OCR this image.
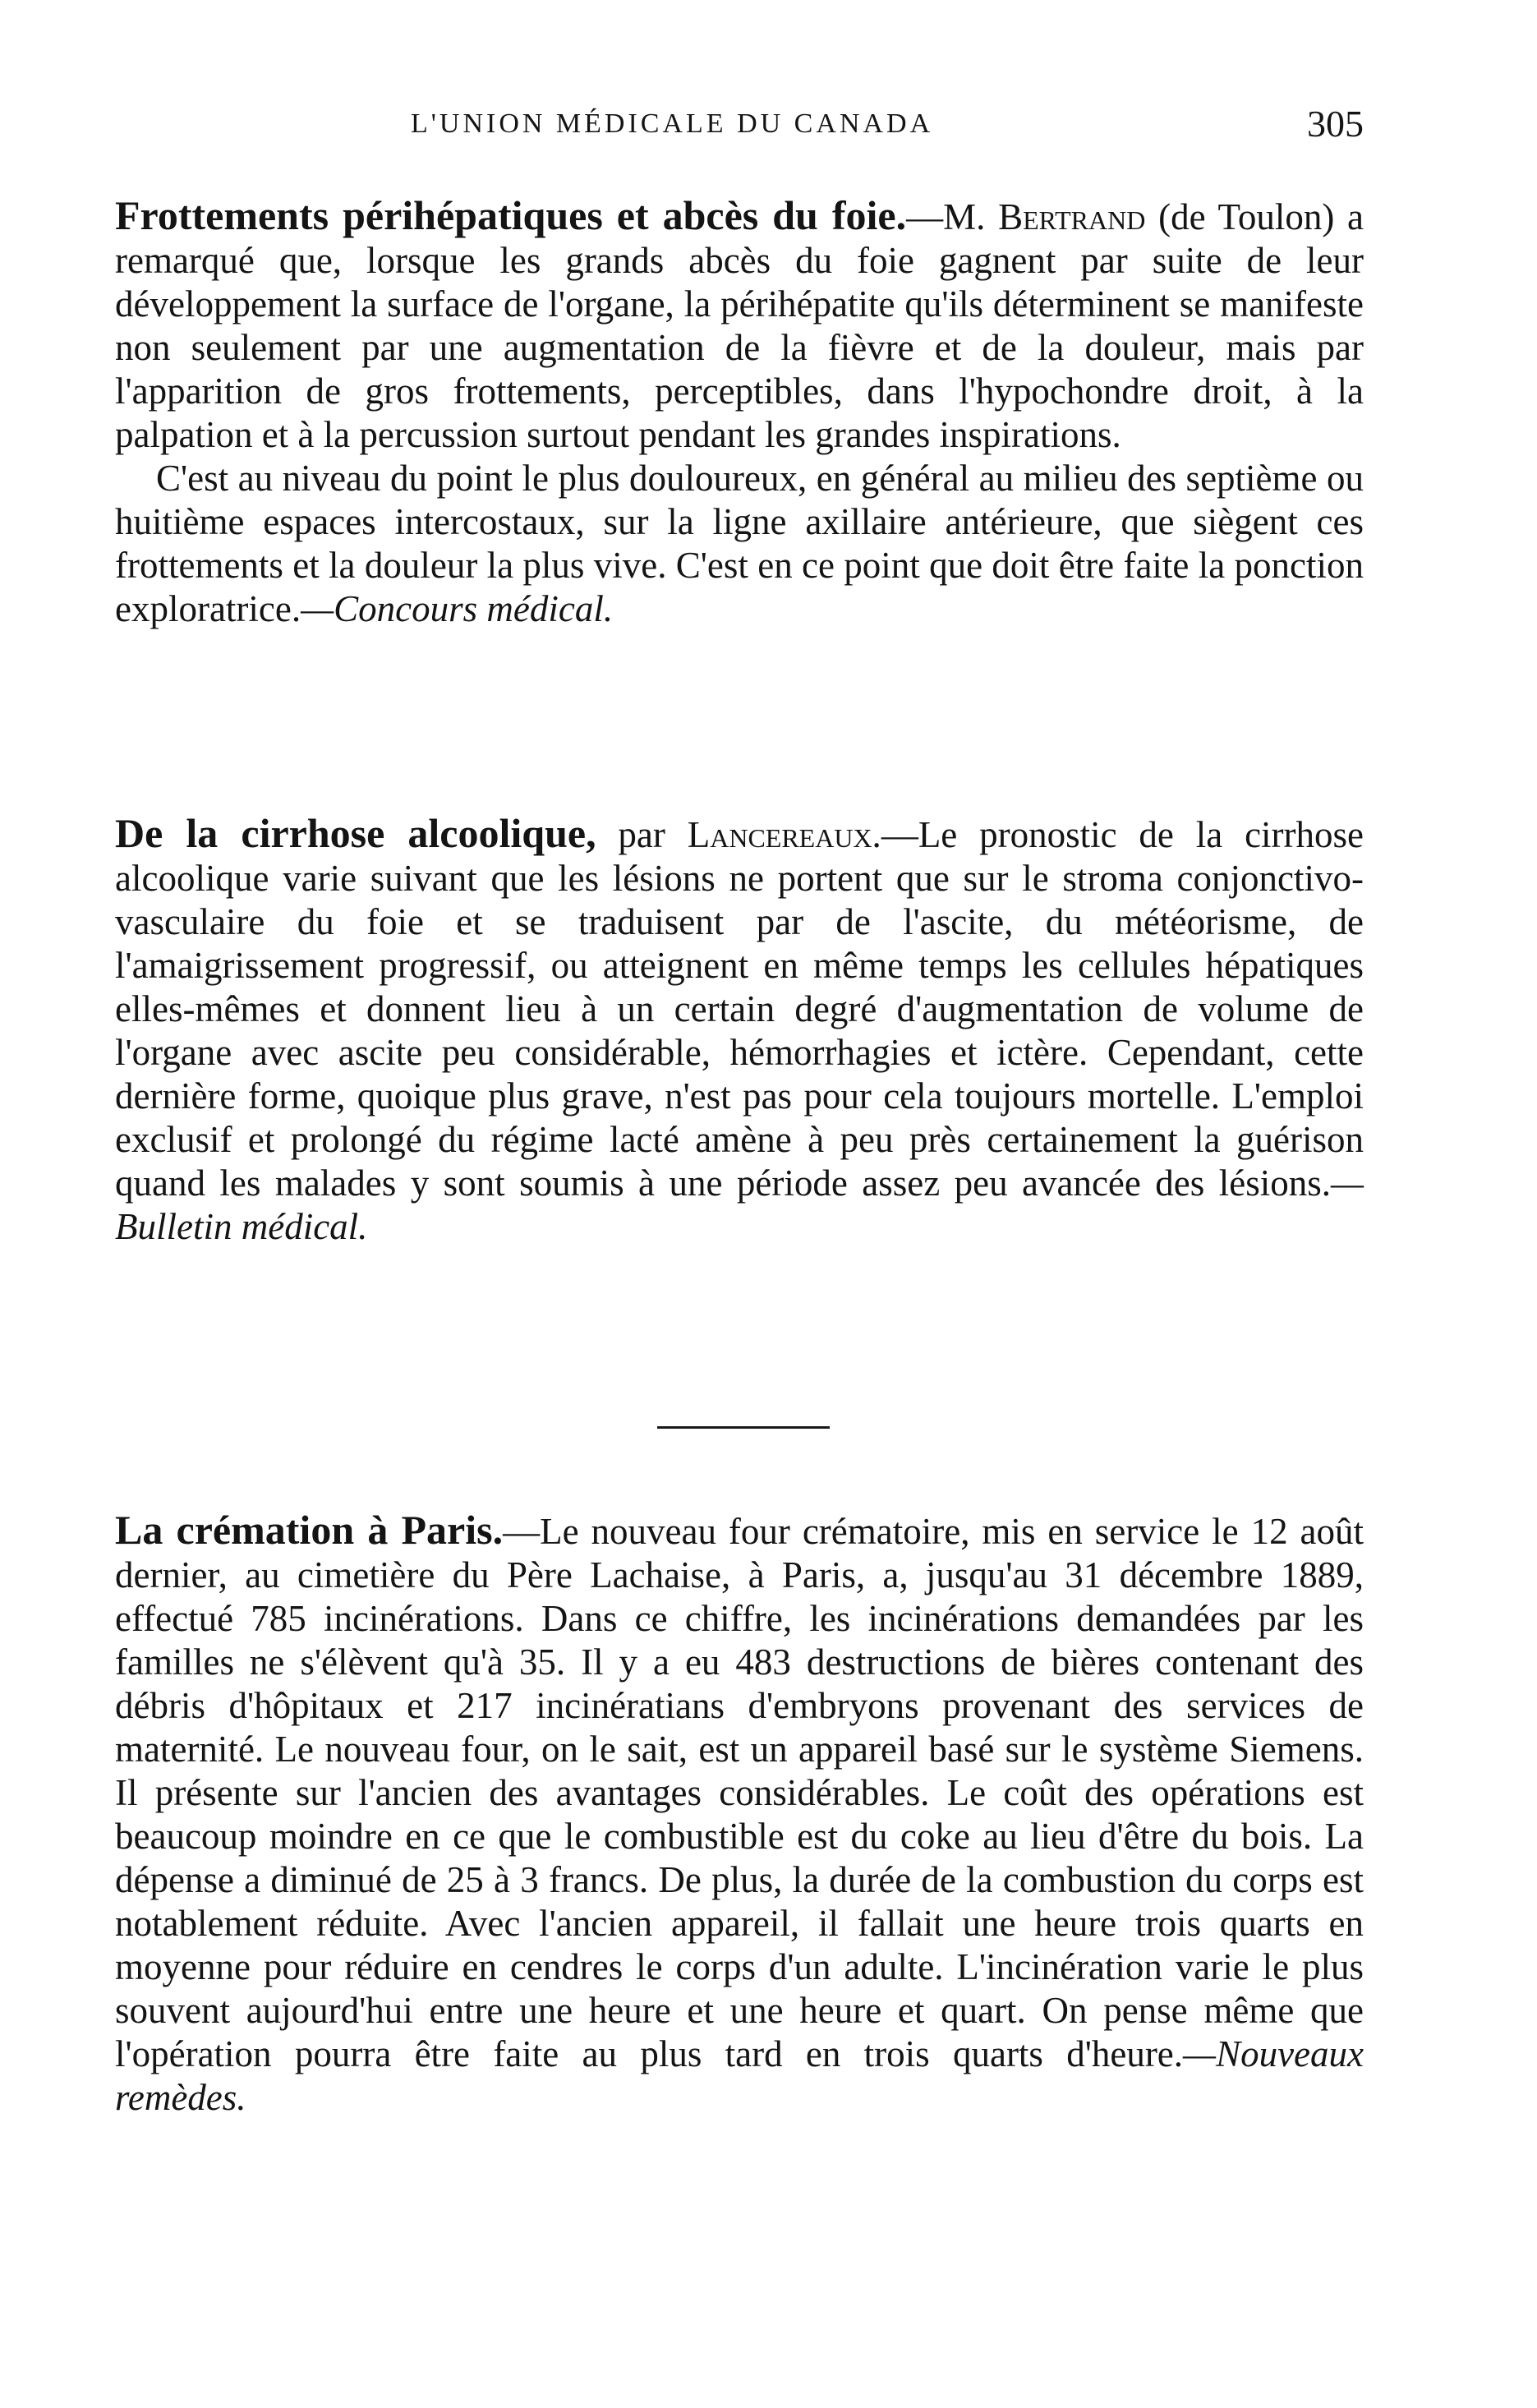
L'UNION MÉDICALE DU CANADA	305

Frottements périhépatiques et abcès du foie.—M. Bertrand (de Toulon) a remarqué que, lorsque les grands abcès du foie gagnent par suite de leur développement la surface de l'organe, la périhépatite qu'ils déterminent se manifeste non seulement par une augmentation de la fièvre et de la douleur, mais par l'apparition de gros frottements, perceptibles, dans l'hypochondre droit, à la palpation et à la percussion surtout pendant les grandes inspirations.

C'est au niveau du point le plus douloureux, en général au milieu des septième ou huitième espaces intercostaux, sur la ligne axillaire antérieure, que siègent ces frottements et la douleur la plus vive. C'est en ce point que doit être faite la ponction exploratrice.—Concours médical.

De la cirrhose alcoolique, par Lancereaux.—Le pronostic de la cirrhose alcoolique varie suivant que les lésions ne portent que sur le stroma conjonctivo-vasculaire du foie et se traduisent par de l'ascite, du météorisme, de l'amaigrissement progressif, ou atteignent en même temps les cellules hépatiques elles-mêmes et donnent lieu à un certain degré d'augmentation de volume de l'organe avec ascite peu considérable, hémorrhagies et ictère. Cependant, cette dernière forme, quoique plus grave, n'est pas pour cela toujours mortelle. L'emploi exclusif et prolongé du régime lacté amène à peu près certainement la guérison quand les malades y sont soumis à une période assez peu avancée des lésions.—Bulletin médical.

La crémation à Paris.—Le nouveau four crématoire, mis en service le 12 août dernier, au cimetière du Père Lachaise, à Paris, a, jusqu'au 31 décembre 1889, effectué 785 incinérations. Dans ce chiffre, les incinérations demandées par les familles ne s'élèvent qu'à 35. Il y a eu 483 destructions de bières contenant des débris d'hôpitaux et 217 incinératians d'embryons provenant des services de maternité. Le nouveau four, on le sait, est un appareil basé sur le système Siemens. Il présente sur l'ancien des avantages considérables. Le coût des opérations est beaucoup moindre en ce que le combustible est du coke au lieu d'être du bois. La dépense a diminué de 25 à 3 francs. De plus, la durée de la combustion du corps est notablement réduite. Avec l'ancien appareil, il fallait une heure trois quarts en moyenne pour réduire en cendres le corps d'un adulte. L'incinération varie le plus souvent aujourd'hui entre une heure et une heure et quart. On pense même que l'opération pourra être faite au plus tard en trois quarts d'heure.—Nouveaux remèdes.
